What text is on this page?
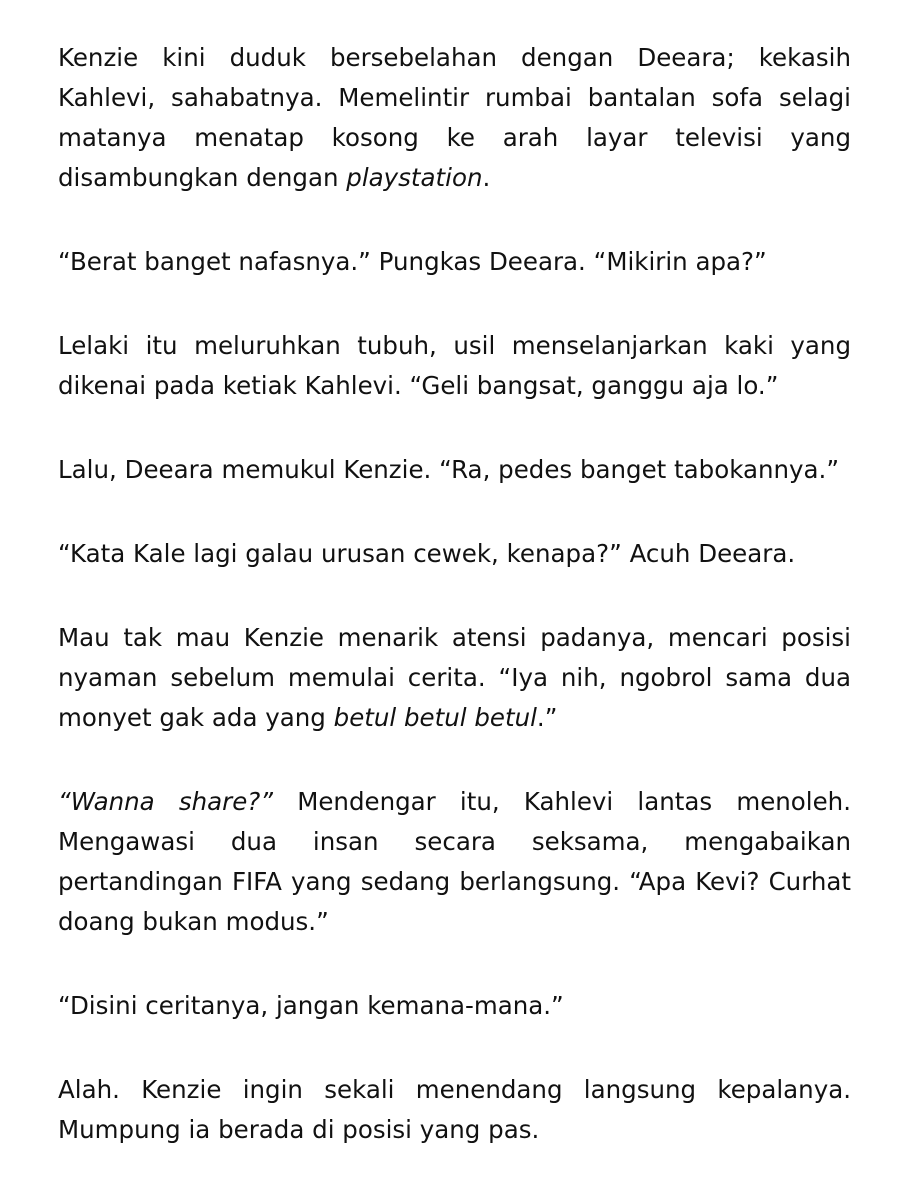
Kenzie kini duduk bersebelahan dengan Deeara; kekasih Kahlevi, sahabatnya. Memelintir rumbai bantalan sofa selagi matanya menatap kosong ke arah layar televisi yang disambungkan dengan playstation.

“Berat banget nafasnya.” Pungkas Deeara. “Mikirin apa?”

Lelaki itu meluruhkan tubuh, usil menselanjarkan kaki yang dikenai pada ketiak Kahlevi. “Geli bangsat, ganggu aja lo.”

Lalu, Deeara memukul Kenzie. “Ra, pedes banget tabokannya.”

“Kata Kale lagi galau urusan cewek, kenapa?” Acuh Deeara.

Mau tak mau Kenzie menarik atensi padanya, mencari posisi nyaman sebelum memulai cerita. “Iya nih, ngobrol sama dua monyet gak ada yang betul betul betul.”

“Wanna share?” Mendengar itu, Kahlevi lantas menoleh. Mengawasi dua insan secara seksama, mengabaikan pertandingan FIFA yang sedang berlangsung. “Apa Kevi? Curhat doang bukan modus.”

“Disini ceritanya, jangan kemana-mana.”

Alah. Kenzie ingin sekali menendang langsung kepalanya. Mumpung ia berada di posisi yang pas.
